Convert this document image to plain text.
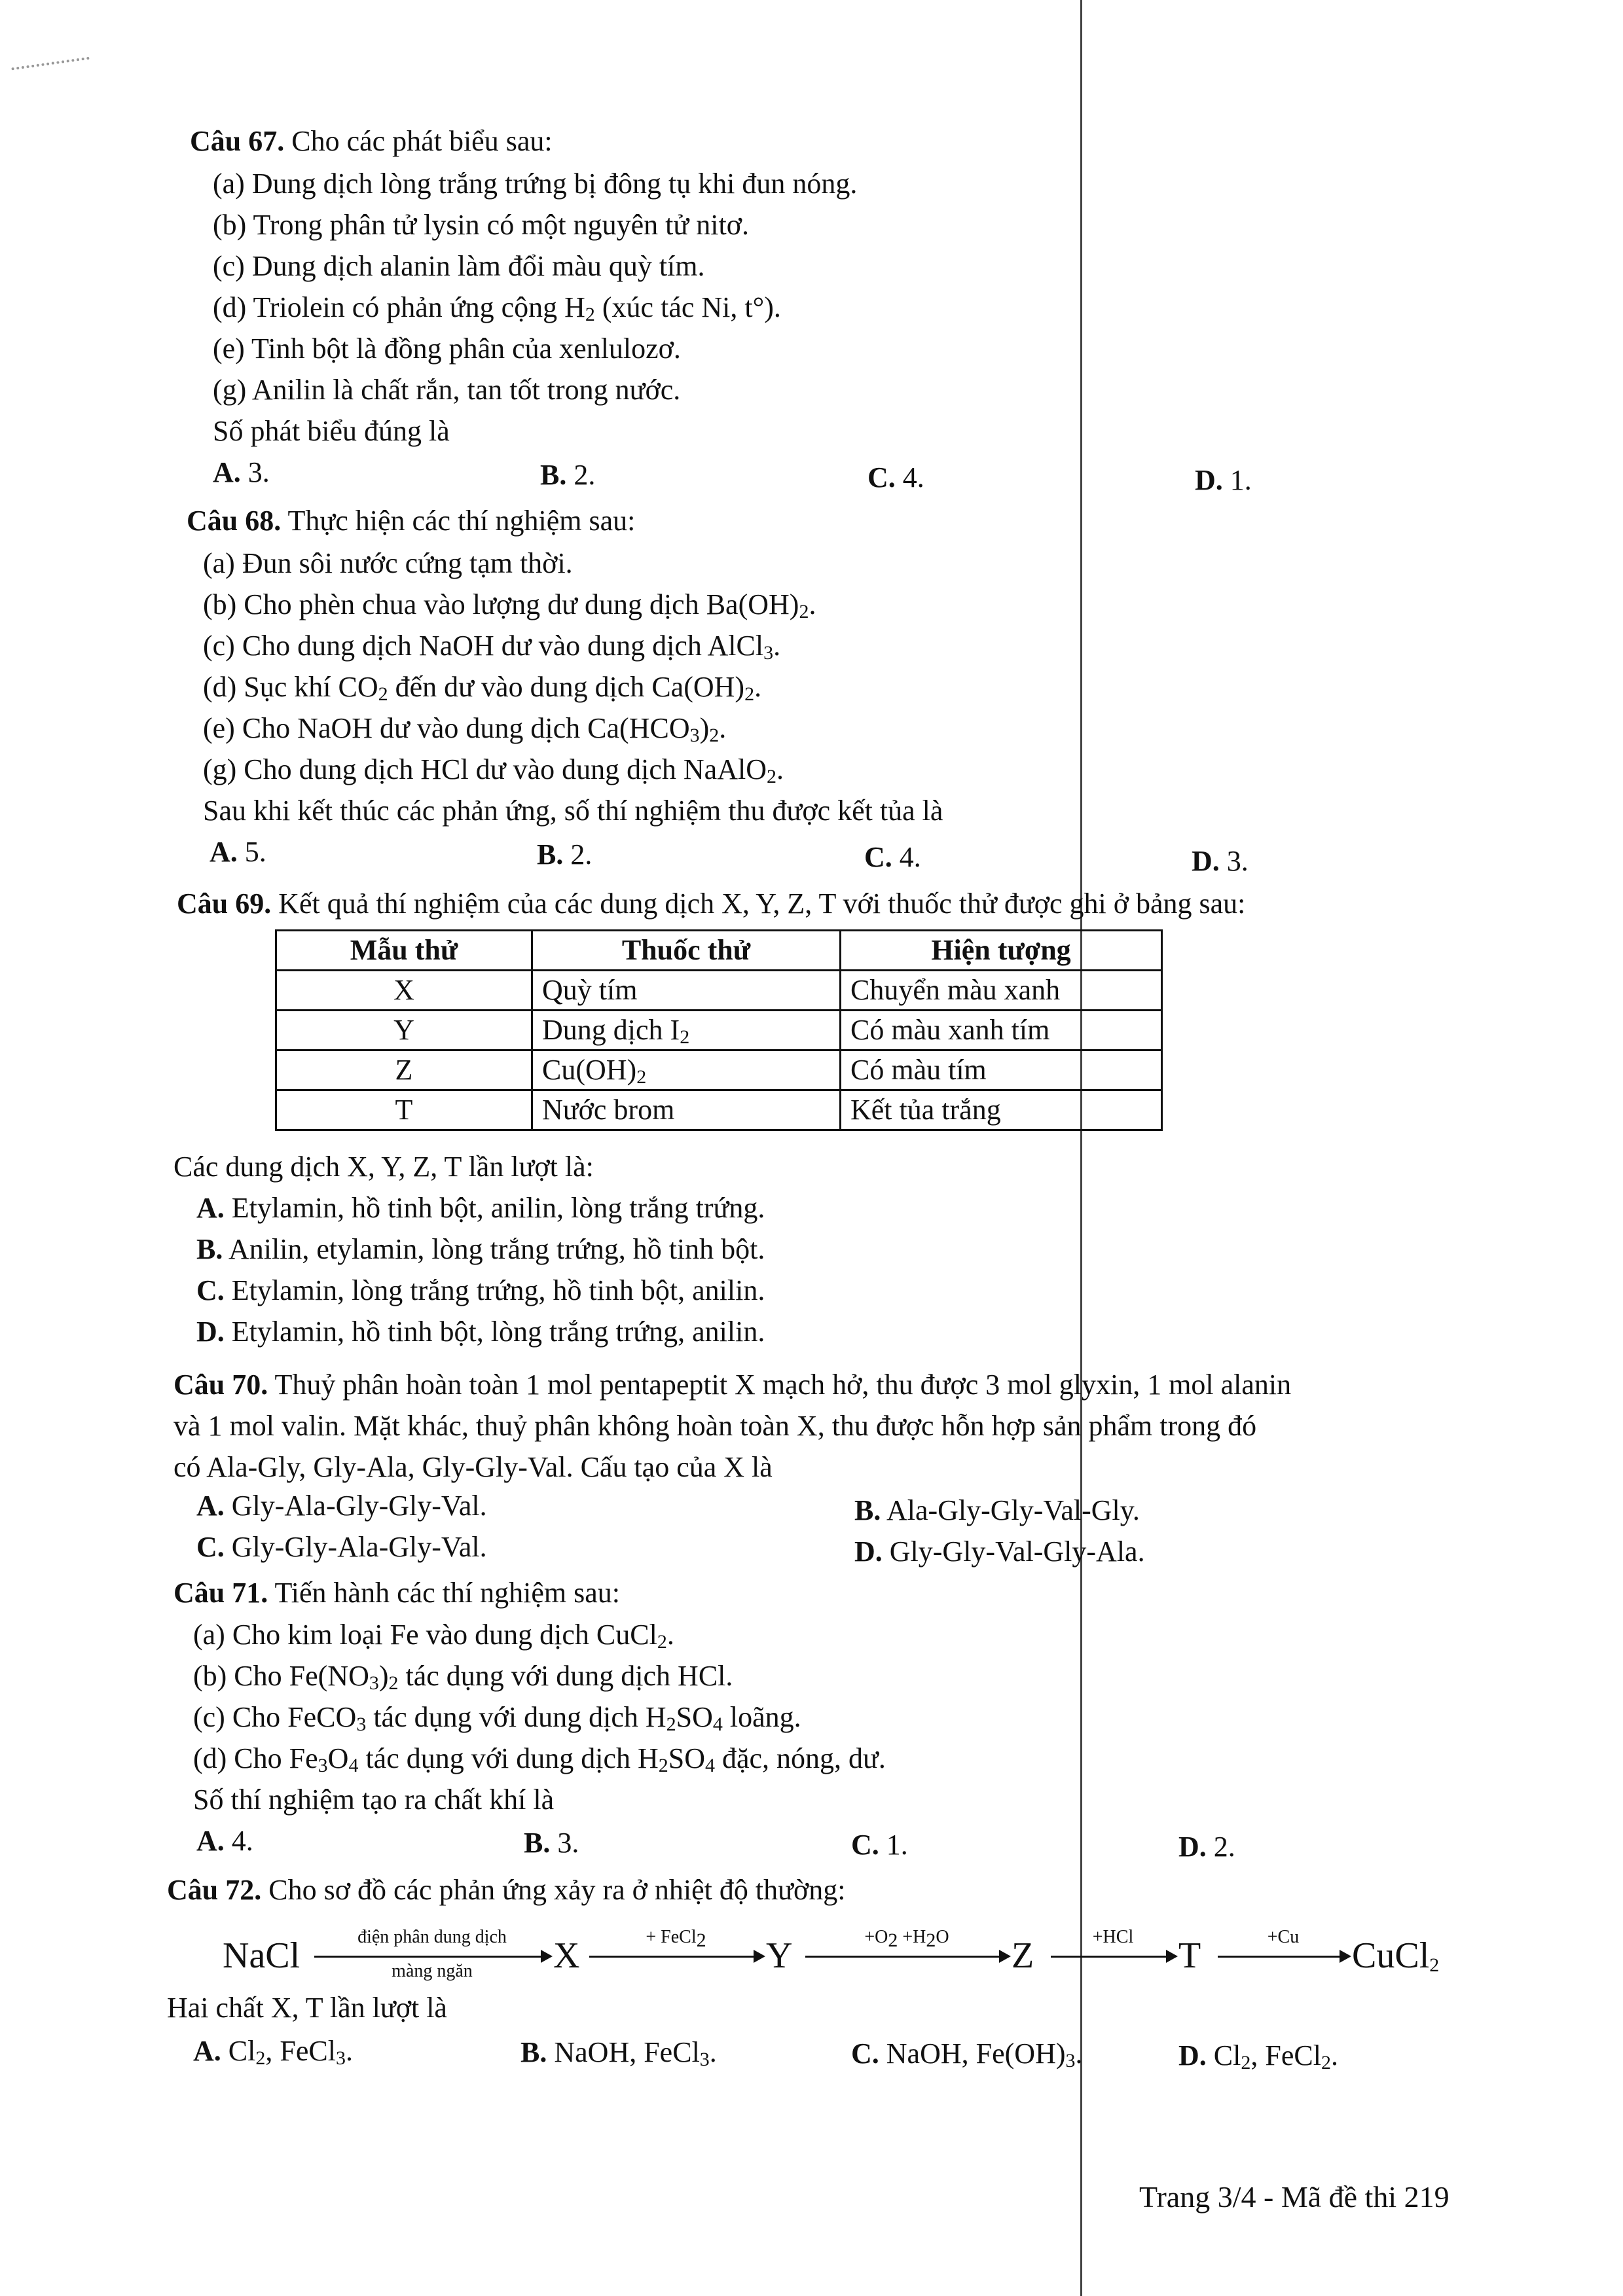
Câu 67. Cho các phát biểu sau:
(a) Dung dịch lòng trắng trứng bị đông tụ khi đun nóng.
(b) Trong phân tử lysin có một nguyên tử nitơ.
(c) Dung dịch alanin làm đổi màu quỳ tím.
(d) Triolein có phản ứng cộng $H_2$ (xúc tác Ni, t°).
(e) Tinh bột là đồng phân của xenlulozơ.
(g) Anilin là chất rắn, tan tốt trong nước.
Số phát biểu đúng là
A. 3.	B. 2.	C. 4.	D. 1.
Câu 68. Thực hiện các thí nghiệm sau:
(a) Đun sôi nước cứng tạm thời.
(b) Cho phèn chua vào lượng dư dung dịch $Ba(OH)_2$.
(c) Cho dung dịch NaOH dư vào dung dịch AlCl$_3$.
(d) Sục khí $CO_2$ đến dư vào dung dịch $Ca(OH)_2$.
(e) Cho NaOH dư vào dung dịch $Ca(HCO_3)_2$.
(g) Cho dung dịch HCl dư vào dung dịch NaAlO$_2$.
Sau khi kết thúc các phản ứng, số thí nghiệm thu được kết tủa là
A. 5.	B. 2.	C. 4.	D. 3.
Câu 69. Kết quả thí nghiệm của các dung dịch X, Y, Z, T với thuốc thử được ghi ở bảng sau:
Mẫu thử	Thuốc thử	Hiện tượng
X	Quỳ tím	Chuyển màu xanh
Y	Dung dịch $I_2$	Có màu xanh tím
Z	$Cu(OH)_2$	Có màu tím
T	Nước brom	Kết tủa trắng
Các dung dịch X, Y, Z, T lần lượt là:
A. Etylamin, hồ tinh bột, anilin, lòng trắng trứng.
B. Anilin, etylamin, lòng trắng trứng, hồ tinh bột.
C. Etylamin, lòng trắng trứng, hồ tinh bột, anilin.
D. Etylamin, hồ tinh bột, lòng trắng trứng, anilin.
Câu 70. Thuỷ phân hoàn toàn 1 mol pentapeptit X mạch hở, thu được 3 mol glyxin, 1 mol alanin
và 1 mol valin. Mặt khác, thuỷ phân không hoàn toàn X, thu được hỗn hợp sản phẩm trong đó
có Ala-Gly, Gly-Ala, Gly-Gly-Val. Cấu tạo của X là
A. Gly-Ala-Gly-Gly-Val.	B. Ala-Gly-Gly-Val-Gly.
C. Gly-Gly-Ala-Gly-Val.	D. Gly-Gly-Val-Gly-Ala.
Câu 71. Tiến hành các thí nghiệm sau:
(a) Cho kim loại Fe vào dung dịch CuCl$_2$.
(b) Cho $Fe(NO_3)_2$ tác dụng với dung dịch HCl.
(c) Cho FeCO$_3$ tác dụng với dung dịch $H_2SO_4$ loãng.
(d) Cho $Fe_3O_4$ tác dụng với dung dịch $H_2SO_4$ đặc, nóng, dư.
Số thí nghiệm tạo ra chất khí là
A. 4.	B. 3.	C. 1.	D. 2.
Câu 72. Cho sơ đồ các phản ứng xảy ra ở nhiệt độ thường:
NaCl	điện phân dung dịch
màng ngăn	X	+ FeCl$_2$	Y	$+O_2 +H_2O$	Z	+HCl	T	+Cu	CuCl$_2$
Hai chất X, T lần lượt là
A. $Cl_2$, FeCl$_3$.	B. NaOH, FeCl$_3$.	C. NaOH, $Fe(OH)_3$.	D. $Cl_2$, FeCl$_2$.
Trang 3/4 - Mã đề thi 219
